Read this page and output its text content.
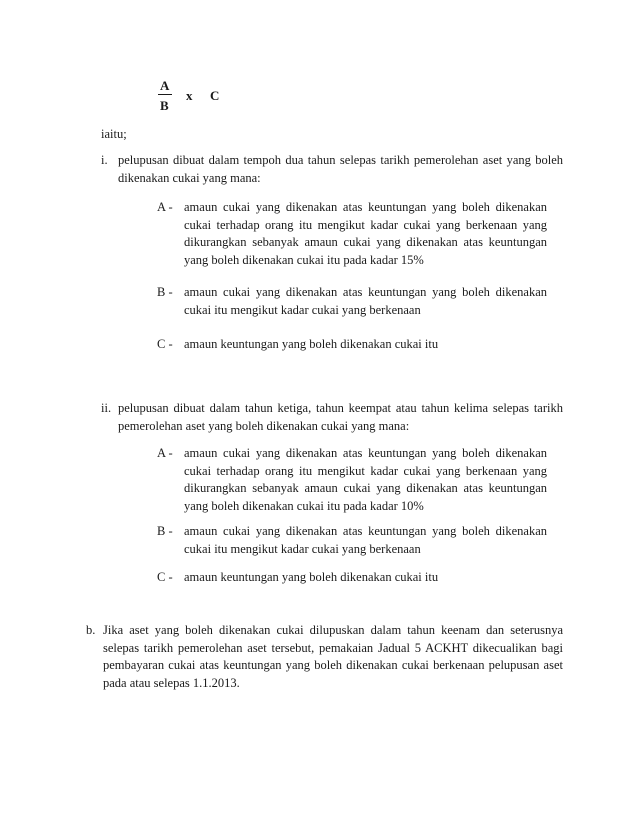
A
B
x C
iaitu;
i. pelupusan dibuat dalam tempoh dua tahun selepas tarikh pemerolehan aset yang boleh dikenakan cukai yang mana:
A - amaun cukai yang dikenakan atas keuntungan yang boleh dikenakan cukai terhadap orang itu mengikut kadar cukai yang berkenaan yang dikurangkan sebanyak amaun cukai yang dikenakan atas keuntungan yang boleh dikenakan cukai itu pada kadar 15%
B - amaun cukai yang dikenakan atas keuntungan yang boleh dikenakan cukai itu mengikut kadar cukai yang berkenaan
C - amaun keuntungan yang boleh dikenakan cukai itu
ii. pelupusan dibuat dalam tahun ketiga, tahun keempat atau tahun kelima selepas tarikh pemerolehan aset yang boleh dikenakan cukai yang mana:
A - amaun cukai yang dikenakan atas keuntungan yang boleh dikenakan cukai terhadap orang itu mengikut kadar cukai yang berkenaan yang dikurangkan sebanyak amaun cukai yang dikenakan atas keuntungan yang boleh dikenakan cukai itu pada kadar 10%
B - amaun cukai yang dikenakan atas keuntungan yang boleh dikenakan cukai itu mengikut kadar cukai yang berkenaan
C - amaun keuntungan yang boleh dikenakan cukai itu
b. Jika aset yang boleh dikenakan cukai dilupuskan dalam tahun keenam dan seterusnya selepas tarikh pemerolehan aset tersebut, pemakaian Jadual 5 ACKHT dikecualikan bagi pembayaran cukai atas keuntungan yang boleh dikenakan cukai berkenaan pelupusan aset pada atau selepas 1.1.2013.
